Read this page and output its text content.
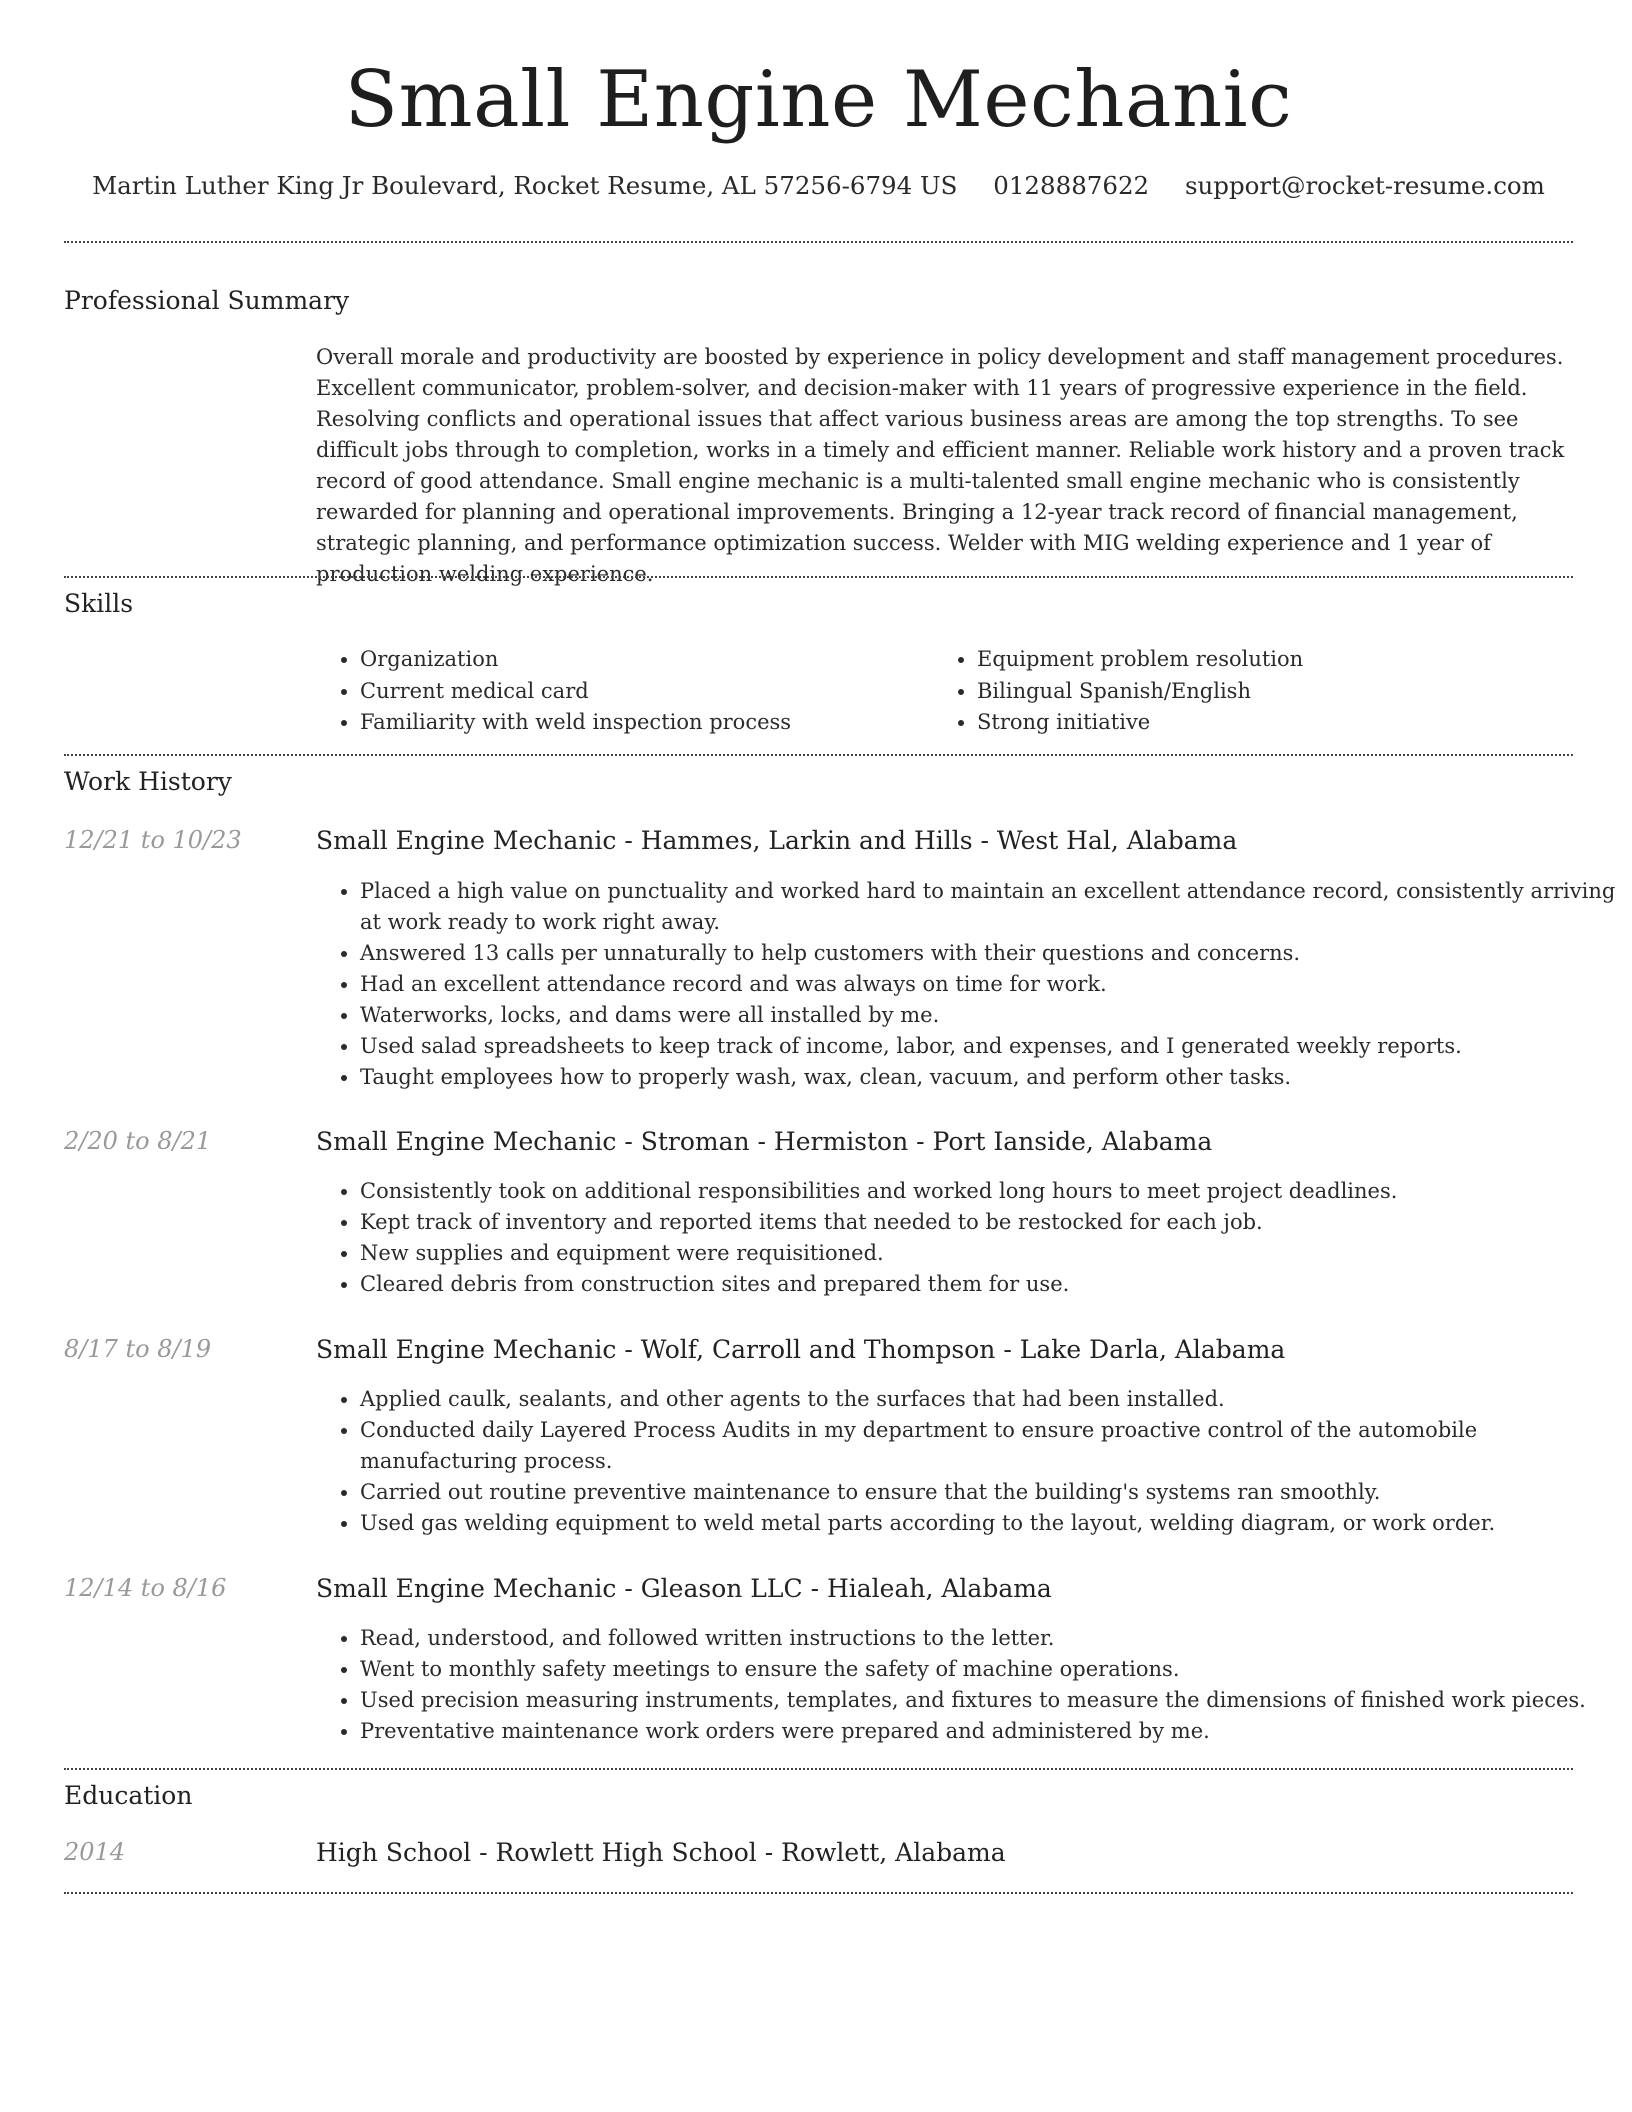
Small Engine Mechanic
Martin Luther King Jr Boulevard, Rocket Resume, AL 57256-6794 US 0128887622 support@rocket-resume.com
Professional Summary

Overall morale and productivity are boosted by experience in policy development and staff management procedures. Excellent communicator, problem-solver, and decision-maker with 11 years of progressive experience in the field. Resolving conflicts and operational issues that affect various business areas are among the top strengths. To see difficult jobs through to completion, works in a timely and efficient manner. Reliable work history and a proven track record of good attendance. Small engine mechanic is a multi-talented small engine mechanic who is consistently rewarded for planning and operational improvements. Bringing a 12-year track record of financial management, strategic planning, and performance optimization success. Welder with MIG welding experience and 1 year of production welding experience.

Skills
• Organization
• Current medical card
• Familiarity with weld inspection process
• Equipment problem resolution
• Bilingual Spanish/English
• Strong initiative
Work History
12/21 to 10/23	Small Engine Mechanic - Hammes, Larkin and Hills - West Hal, Alabama
• Placed a high value on punctuality and worked hard to maintain an excellent attendance record, consistently arriving at work ready to work right away.
• Answered 13 calls per unnaturally to help customers with their questions and concerns.
• Had an excellent attendance record and was always on time for work.
• Waterworks, locks, and dams were all installed by me.
• Used salad spreadsheets to keep track of income, labor, and expenses, and I generated weekly reports.
• Taught employees how to properly wash, wax, clean, vacuum, and perform other tasks.
2/20 to 8/21	Small Engine Mechanic - Stroman - Hermiston - Port Ianside, Alabama
• Consistently took on additional responsibilities and worked long hours to meet project deadlines.
• Kept track of inventory and reported items that needed to be restocked for each job.
• New supplies and equipment were requisitioned.
• Cleared debris from construction sites and prepared them for use.
8/17 to 8/19	Small Engine Mechanic - Wolf, Carroll and Thompson - Lake Darla, Alabama
• Applied caulk, sealants, and other agents to the surfaces that had been installed.
• Conducted daily Layered Process Audits in my department to ensure proactive control of the automobile manufacturing process.
• Carried out routine preventive maintenance to ensure that the building's systems ran smoothly.
• Used gas welding equipment to weld metal parts according to the layout, welding diagram, or work order.
12/14 to 8/16	Small Engine Mechanic - Gleason LLC - Hialeah, Alabama
• Read, understood, and followed written instructions to the letter.
• Went to monthly safety meetings to ensure the safety of machine operations.
• Used precision measuring instruments, templates, and fixtures to measure the dimensions of finished work pieces.
• Preventative maintenance work orders were prepared and administered by me.
Education
2014	High School - Rowlett High School - Rowlett, Alabama
